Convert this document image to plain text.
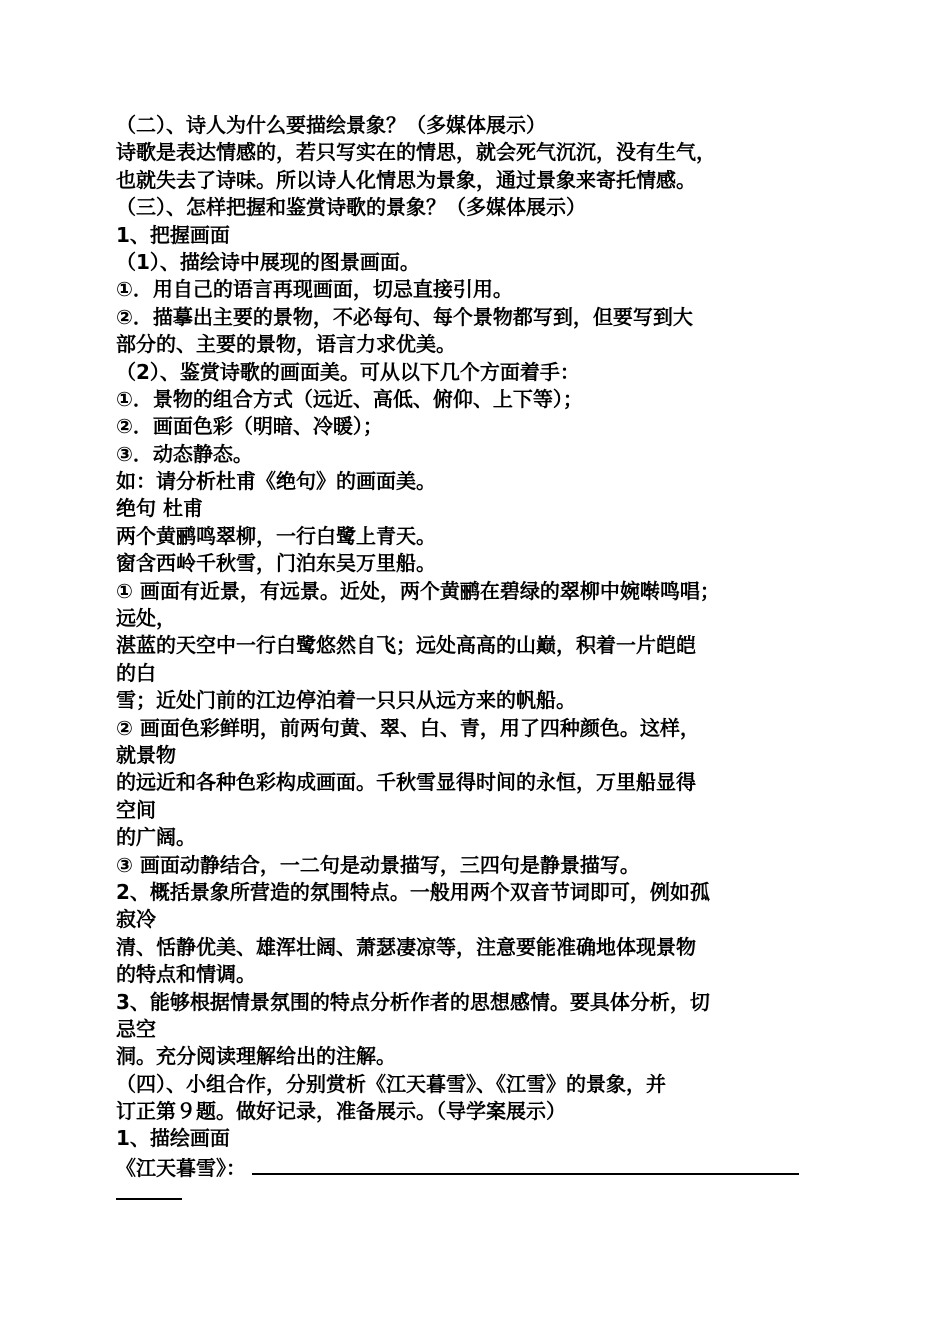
（二）、诗人为什么要描绘景象？（多媒体展示）
诗歌是表达情感的，若只写实在的情思，就会死气沉沉，没有生气，
也就失去了诗味。所以诗人化情思为景象，通过景象来寄托情感。
（三）、怎样把握和鉴赏诗歌的景象？（多媒体展示）
1、把握画面
（1）、描绘诗中展现的图景画面。
①．用自己的语言再现画面，切忌直接引用。
②．描摹出主要的景物，不必每句、每个景物都写到，但要写到大
部分的、主要的景物，语言力求优美。
（2）、鉴赏诗歌的画面美。可从以下几个方面着手：
①．景物的组合方式（远近、高低、俯仰、上下等）；
②．画面色彩（明暗、冷暖）；
③．动态静态。
如：请分析杜甫《绝句》的画面美。
绝句 杜甫
两个黄鹂鸣翠柳，一行白鹭上青天。
窗含西岭千秋雪，门泊东吴万里船。
① 画面有近景，有远景。近处，两个黄鹂在碧绿的翠柳中婉啭鸣唱；
远处，
湛蓝的天空中一行白鹭悠然自飞；远处高高的山巅，积着一片皑皑
的白
雪；近处门前的江边停泊着一只只从远方来的帆船。
② 画面色彩鲜明，前两句黄、翠、白、青，用了四种颜色。这样，
就景物
的远近和各种色彩构成画面。千秋雪显得时间的永恒，万里船显得
空间
的广阔。
③ 画面动静结合，一二句是动景描写，三四句是静景描写。
2、概括景象所营造的氛围特点。一般用两个双音节词即可，例如孤
寂冷
清、恬静优美、雄浑壮阔、萧瑟凄凉等，注意要能准确地体现景物
的特点和情调。
3、能够根据情景氛围的特点分析作者的思想感情。要具体分析，切
忌空
洞。充分阅读理解给出的注解。
（四）、小组合作，分别赏析《江天暮雪》、《江雪》的景象，并
订正第９题。做好记录，准备展示。（导学案展示）
1、描绘画面
《江天暮雪》：
